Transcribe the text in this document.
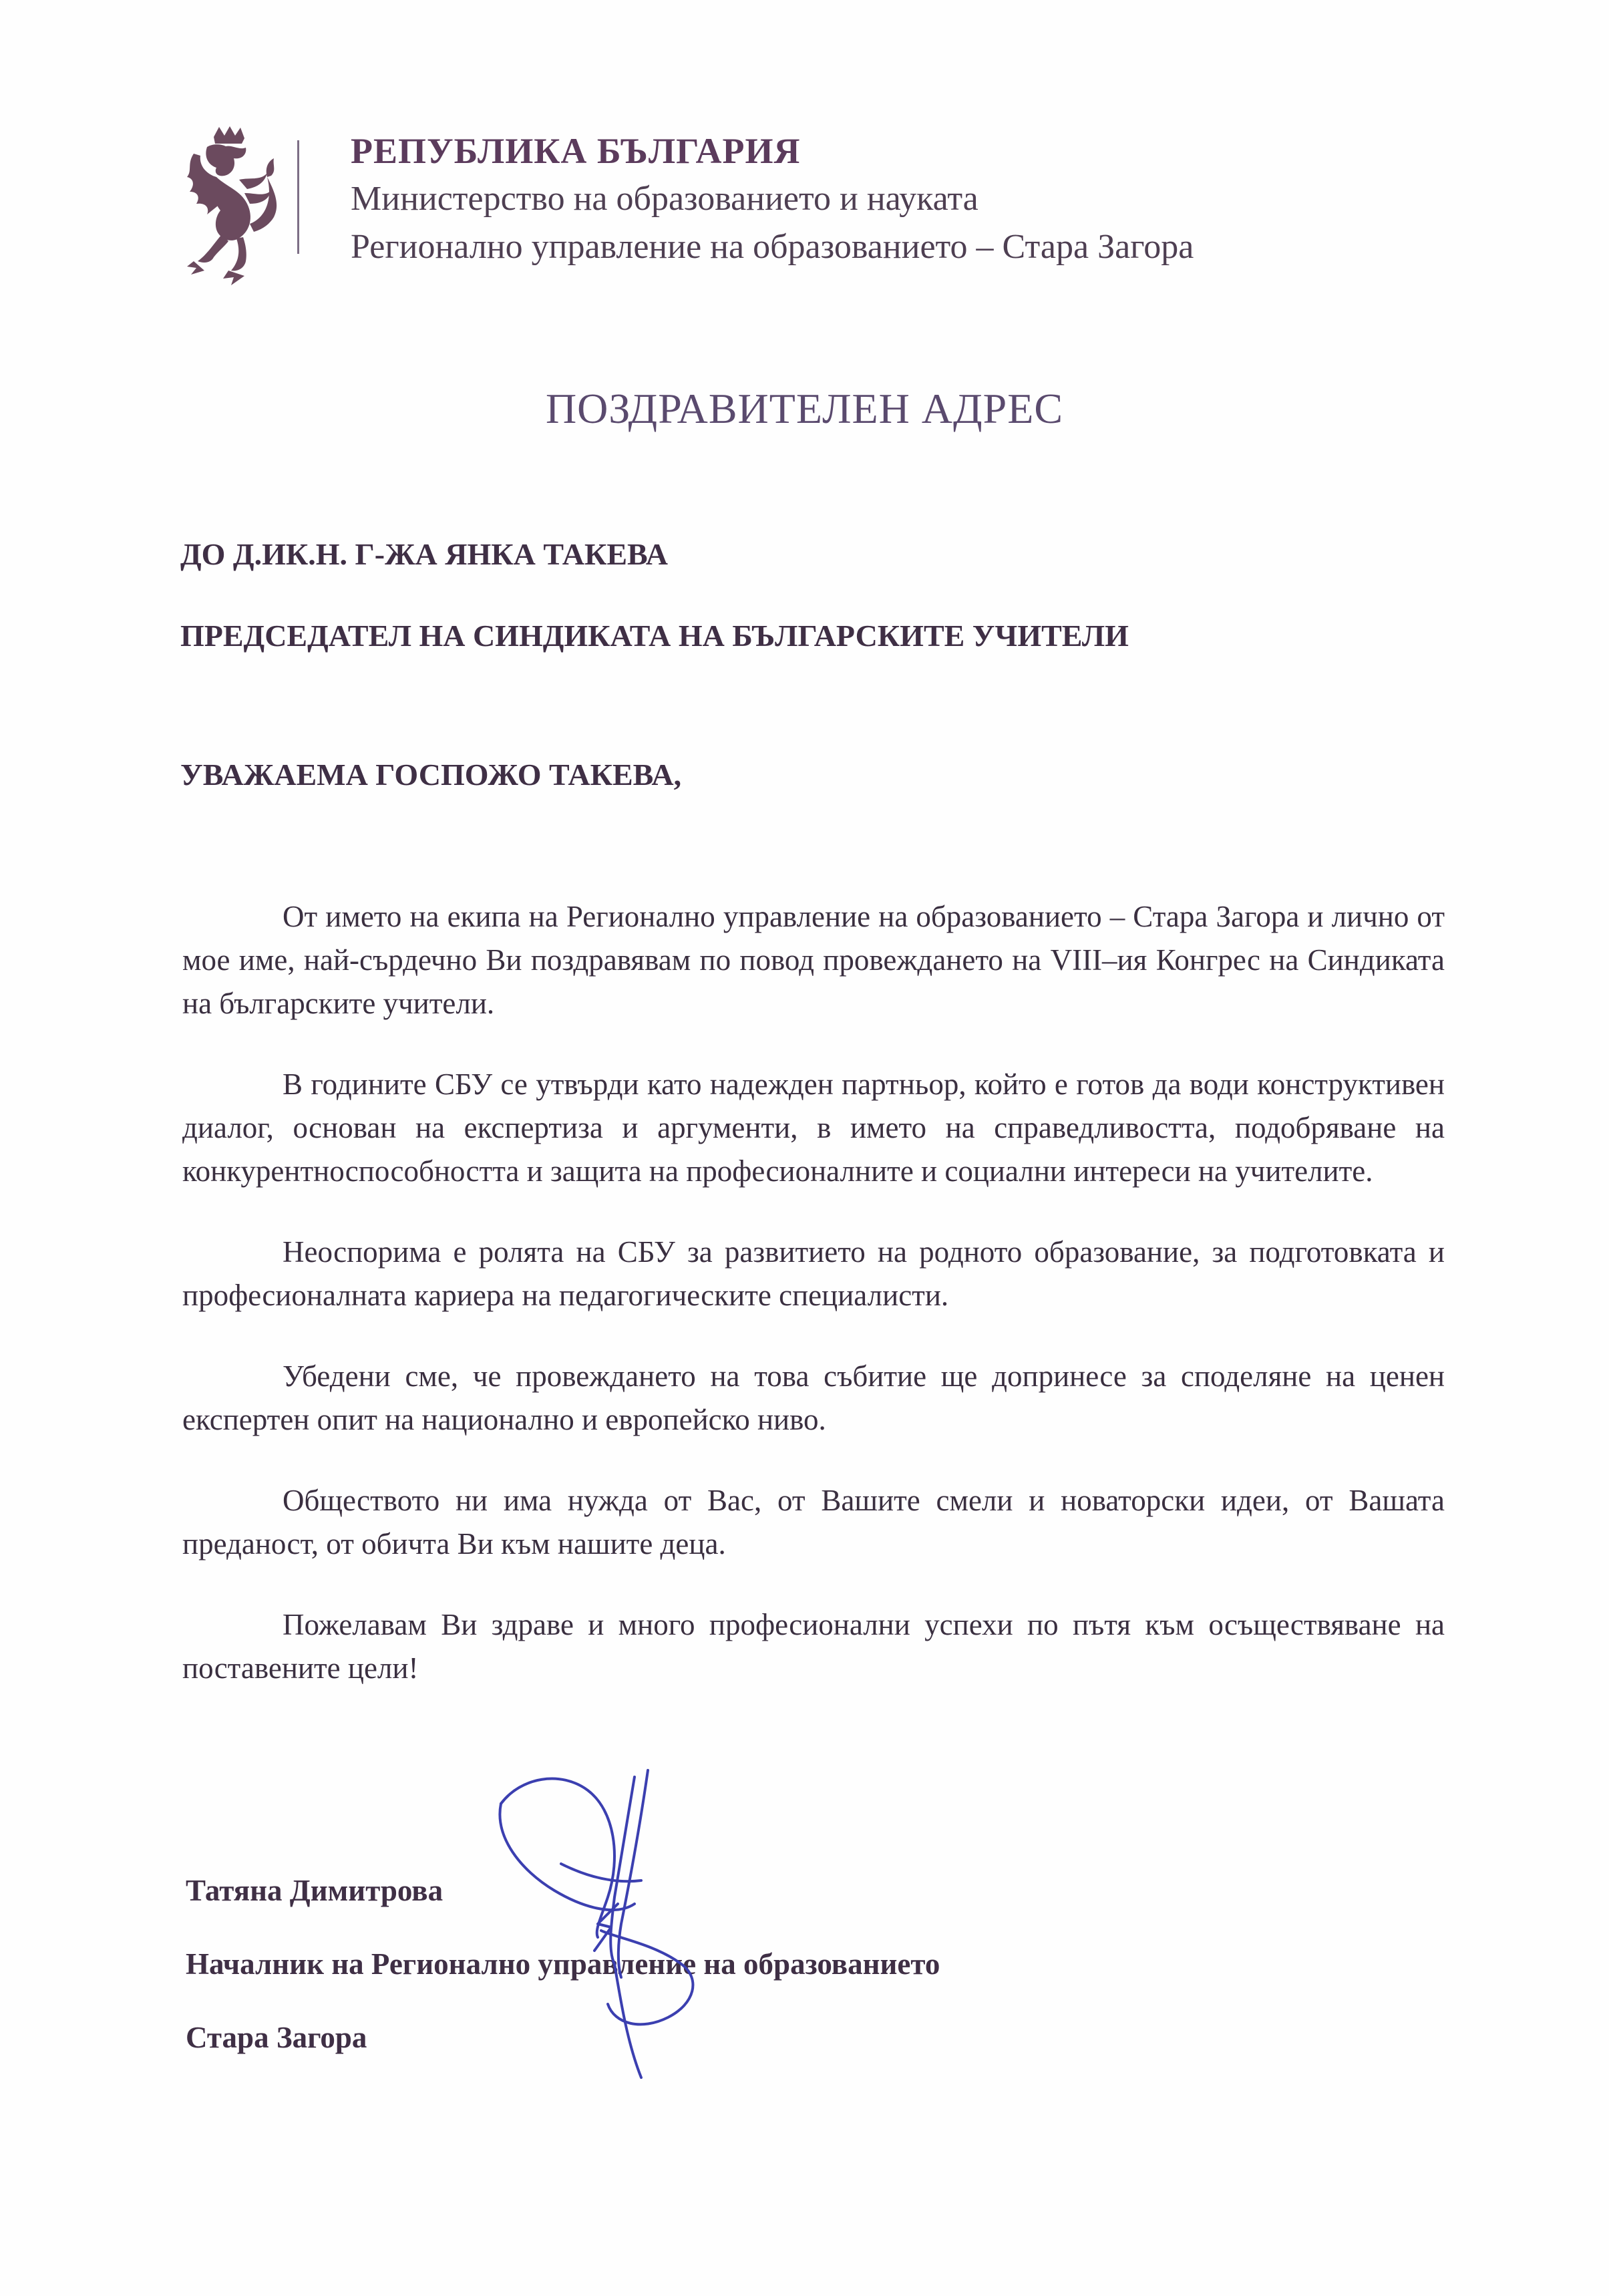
РЕПУБЛИКА БЪЛГАРИЯ
Министерство на образованието и науката
Регионално управление на образованието – Стара Загора
ПОЗДРАВИТЕЛЕН АДРЕС
ДО Д.ИК.Н. Г-ЖА ЯНКА ТАКЕВА
ПРЕДСЕДАТЕЛ НА СИНДИКАТА НА БЪЛГАРСКИТЕ УЧИТЕЛИ
УВАЖАЕМА ГОСПОЖО ТАКЕВА,

От името на екипа на Регионално управление на образованието – Стара Загора и лично от мое име, най-сърдечно Ви поздравявам по повод провеждането на VIII–ия Конгрес на Синдиката на българските учители.

В годините СБУ се утвърди като надежден партньор, който е готов да води конструктивен диалог, основан на експертиза и аргументи, в името на справедливостта, подобряване на конкурентноспособността и защита на професионалните и социални интереси на учителите.

Неоспорима е ролята на СБУ за развитието на родното образование, за подготовката и професионалната кариера на педагогическите специалисти.

Убедени сме, че провеждането на това събитие ще допринесе за споделяне на ценен експертен опит на национално и европейско ниво.

Обществото ни има нужда от Вас, от Вашите смели и новаторски идеи, от Вашата преданост, от обичта Ви към нашите деца.

Пожелавам Ви здраве и много професионални успехи по пътя към осъществяване на поставените цели!

Татяна Димитрова
Началник на Регионално управление на образованието
Стара Загора
